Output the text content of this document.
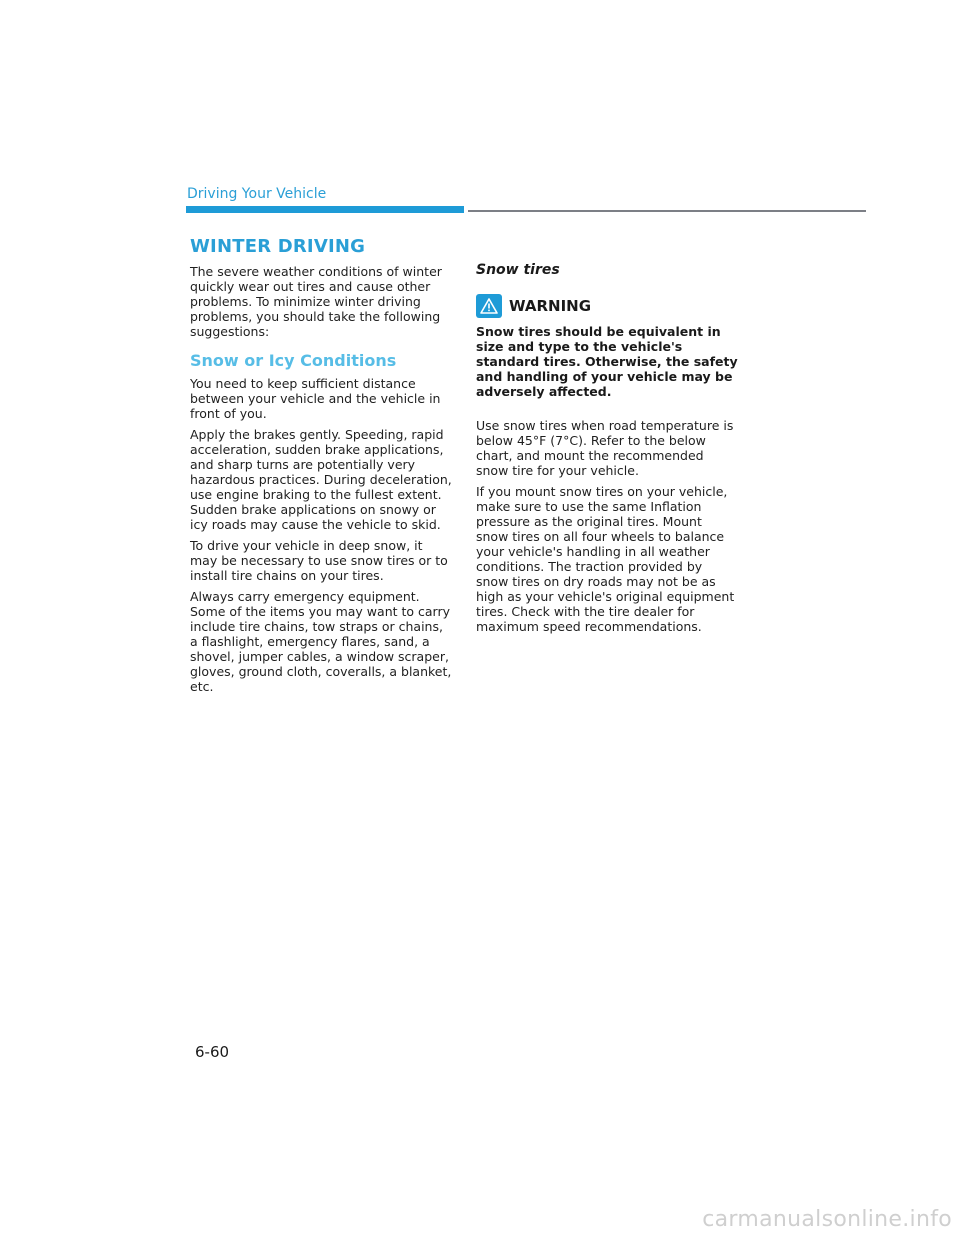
Driving Your Vehicle
WINTER DRIVING

The severe weather conditions of winter quickly wear out tires and cause other problems. To minimize winter driving problems, you should take the following suggestions:

Snow or Icy Conditions

You need to keep sufficient distance between your vehicle and the vehicle in front of you.

Apply the brakes gently. Speeding, rapid acceleration, sudden brake applications, and sharp turns are potentially very hazardous practices. During deceleration, use engine braking to the fullest extent. Sudden brake applications on snowy or icy roads may cause the vehicle to skid.

To drive your vehicle in deep snow, it may be necessary to use snow tires or to install tire chains on your tires.

Always carry emergency equipment. Some of the items you may want to carry include tire chains, tow straps or chains, a flashlight, emergency flares, sand, a shovel, jumper cables, a window scraper, gloves, ground cloth, coveralls, a blanket, etc.

Snow tires
WARNING

Snow tires should be equivalent in size and type to the vehicle's standard tires. Otherwise, the safety and handling of your vehicle may be adversely affected.

Use snow tires when road temperature is below 45°F (7°C). Refer to the below chart, and mount the recommended snow tire for your vehicle.

If you mount snow tires on your vehicle, make sure to use the same Inflation pressure as the original tires. Mount snow tires on all four wheels to balance your vehicle's handling in all weather conditions. The traction provided by snow tires on dry roads may not be as high as your vehicle's original equipment tires. Check with the tire dealer for maximum speed recommendations.

6-60
carmanualsonline.info
